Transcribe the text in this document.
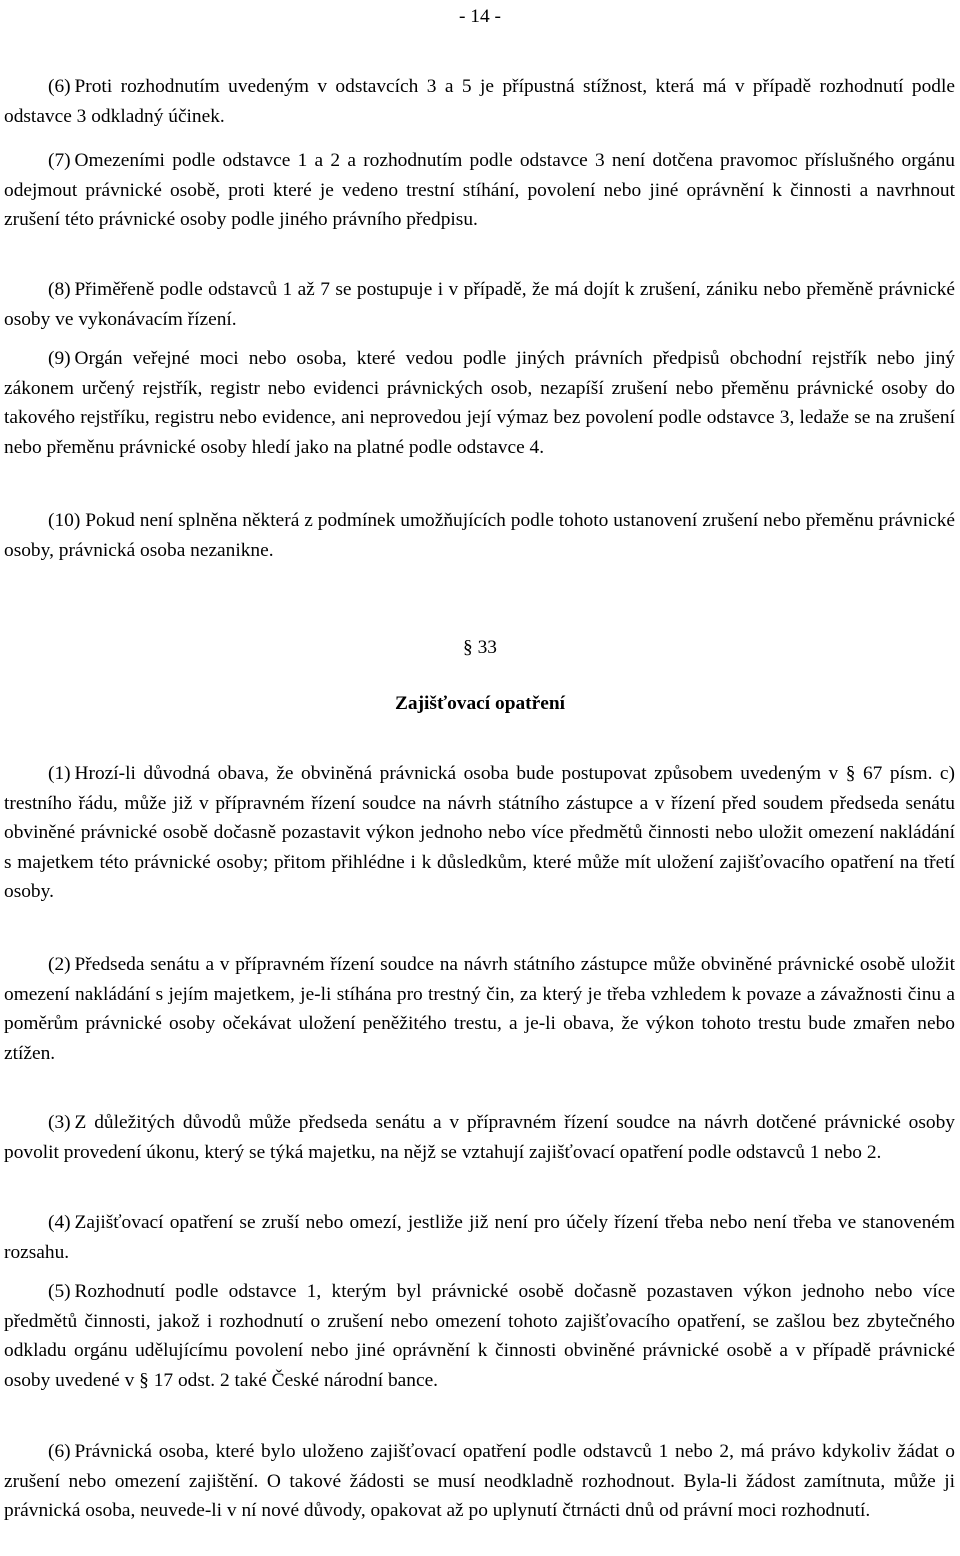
- 14 -

(6) Proti rozhodnutím uvedeným v odstavcích 3 a 5 je přípustná stížnost, která má v případě rozhodnutí podle odstavce 3 odkladný účinek.

(7) Omezeními podle odstavce 1 a 2 a rozhodnutím podle odstavce 3 není dotčena pravomoc příslušného orgánu odejmout právnické osobě, proti které je vedeno trestní stíhání, povolení nebo jiné oprávnění k činnosti a navrhnout zrušení této právnické osoby podle jiného právního předpisu.

(8) Přiměřeně podle odstavců 1 až 7 se postupuje i v případě, že má dojít k zrušení, zániku nebo přeměně právnické osoby ve vykonávacím řízení.

(9) Orgán veřejné moci nebo osoba, které vedou podle jiných právních předpisů obchodní rejstřík nebo jiný zákonem určený rejstřík, registr nebo evidenci právnických osob, nezapíší zrušení nebo přeměnu právnické osoby do takového rejstříku, registru nebo evidence, ani neprovedou její výmaz bez povolení podle odstavce 3, ledaže se na zrušení nebo přeměnu právnické osoby hledí jako na platné podle odstavce 4.

(10) Pokud není splněna některá z podmínek umožňujících podle tohoto ustanovení zrušení nebo přeměnu právnické osoby, právnická osoba nezanikne.

§ 33
Zajišťovací opatření

(1) Hrozí-li důvodná obava, že obviněná právnická osoba bude postupovat způsobem uvedeným v § 67 písm. c) trestního řádu, může již v přípravném řízení soudce na návrh státního zástupce a v řízení před soudem předseda senátu obviněné právnické osobě dočasně pozastavit výkon jednoho nebo více předmětů činnosti nebo uložit omezení nakládání s majetkem této právnické osoby; přitom přihlédne i k důsledkům, které může mít uložení zajišťovacího opatření na třetí osoby.

(2) Předseda senátu a v přípravném řízení soudce na návrh státního zástupce může obviněné právnické osobě uložit omezení nakládání s jejím majetkem, je-li stíhána pro trestný čin, za který je třeba vzhledem k povaze a závažnosti činu a poměrům právnické osoby očekávat uložení peněžitého trestu, a je-li obava, že výkon tohoto trestu bude zmařen nebo ztížen.

(3) Z důležitých důvodů může předseda senátu a v přípravném řízení soudce na návrh dotčené právnické osoby povolit provedení úkonu, který se týká majetku, na nějž se vztahují zajišťovací opatření podle odstavců 1 nebo 2.

(4) Zajišťovací opatření se zruší nebo omezí, jestliže již není pro účely řízení třeba nebo není třeba ve stanoveném rozsahu.

(5) Rozhodnutí podle odstavce 1, kterým byl právnické osobě dočasně pozastaven výkon jednoho nebo více předmětů činnosti, jakož i rozhodnutí o zrušení nebo omezení tohoto zajišťovacího opatření, se zašlou bez zbytečného odkladu orgánu udělujícímu povolení nebo jiné oprávnění k činnosti obviněné právnické osobě a v případě právnické osoby uvedené v § 17 odst. 2 také České národní bance.

(6) Právnická osoba, které bylo uloženo zajišťovací opatření podle odstavců 1 nebo 2, má právo kdykoliv žádat o zrušení nebo omezení zajištění. O takové žádosti se musí neodkladně rozhodnout. Byla-li žádost zamítnuta, může ji právnická osoba, neuvede-li v ní nové důvody, opakovat až po uplynutí čtrnácti dnů od právní moci rozhodnutí.
